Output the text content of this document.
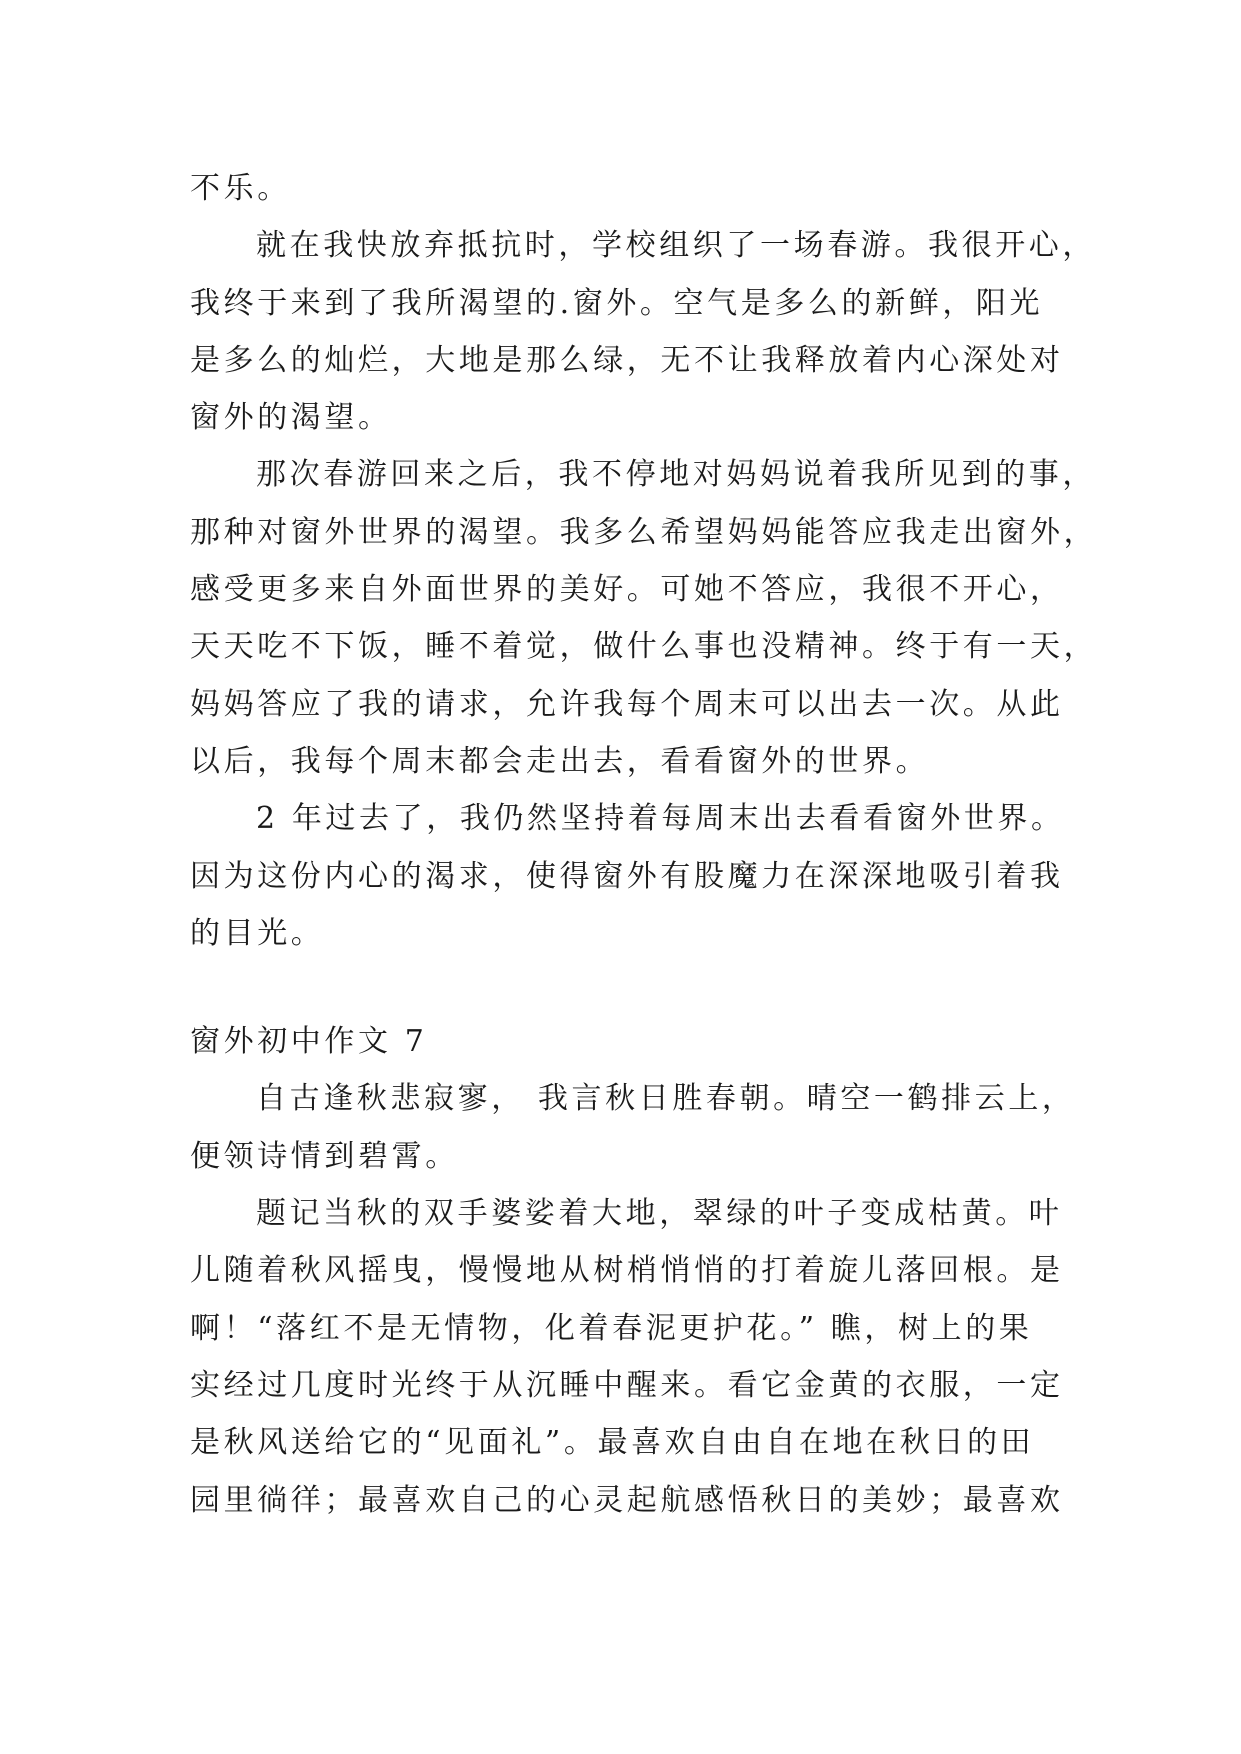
不乐。
就在我快放弃抵抗时，学校组织了一场春游。我很开心，
我终于来到了我所渴望的.窗外。空气是多么的新鲜，阳光
是多么的灿烂，大地是那么绿，无不让我释放着内心深处对
窗外的渴望。
那次春游回来之后，我不停地对妈妈说着我所见到的事，
那种对窗外世界的渴望。我多么希望妈妈能答应我走出窗外，
感受更多来自外面世界的美好。可她不答应，我很不开心，
天天吃不下饭，睡不着觉，做什么事也没精神。终于有一天，
妈妈答应了我的请求，允许我每个周末可以出去一次。从此
以后，我每个周末都会走出去，看看窗外的世界。
2 年过去了，我仍然坚持着每周末出去看看窗外世界。
因为这份内心的渴求，使得窗外有股魔力在深深地吸引着我
的目光。
窗外初中作文 7
自古逢秋悲寂寥， 我言秋日胜春朝。晴空一鹤排云上，
便领诗情到碧霄。
题记当秋的双手婆娑着大地，翠绿的叶子变成枯黄。叶
儿随着秋风摇曳，慢慢地从树梢悄悄的打着旋儿落回根。是
啊！“落红不是无情物，化着春泥更护花。” 瞧，树上的果
实经过几度时光终于从沉睡中醒来。看它金黄的衣服，一定
是秋风送给它的“见面礼”。最喜欢自由自在地在秋日的田
园里徜徉；最喜欢自己的心灵起航感悟秋日的美妙；最喜欢
